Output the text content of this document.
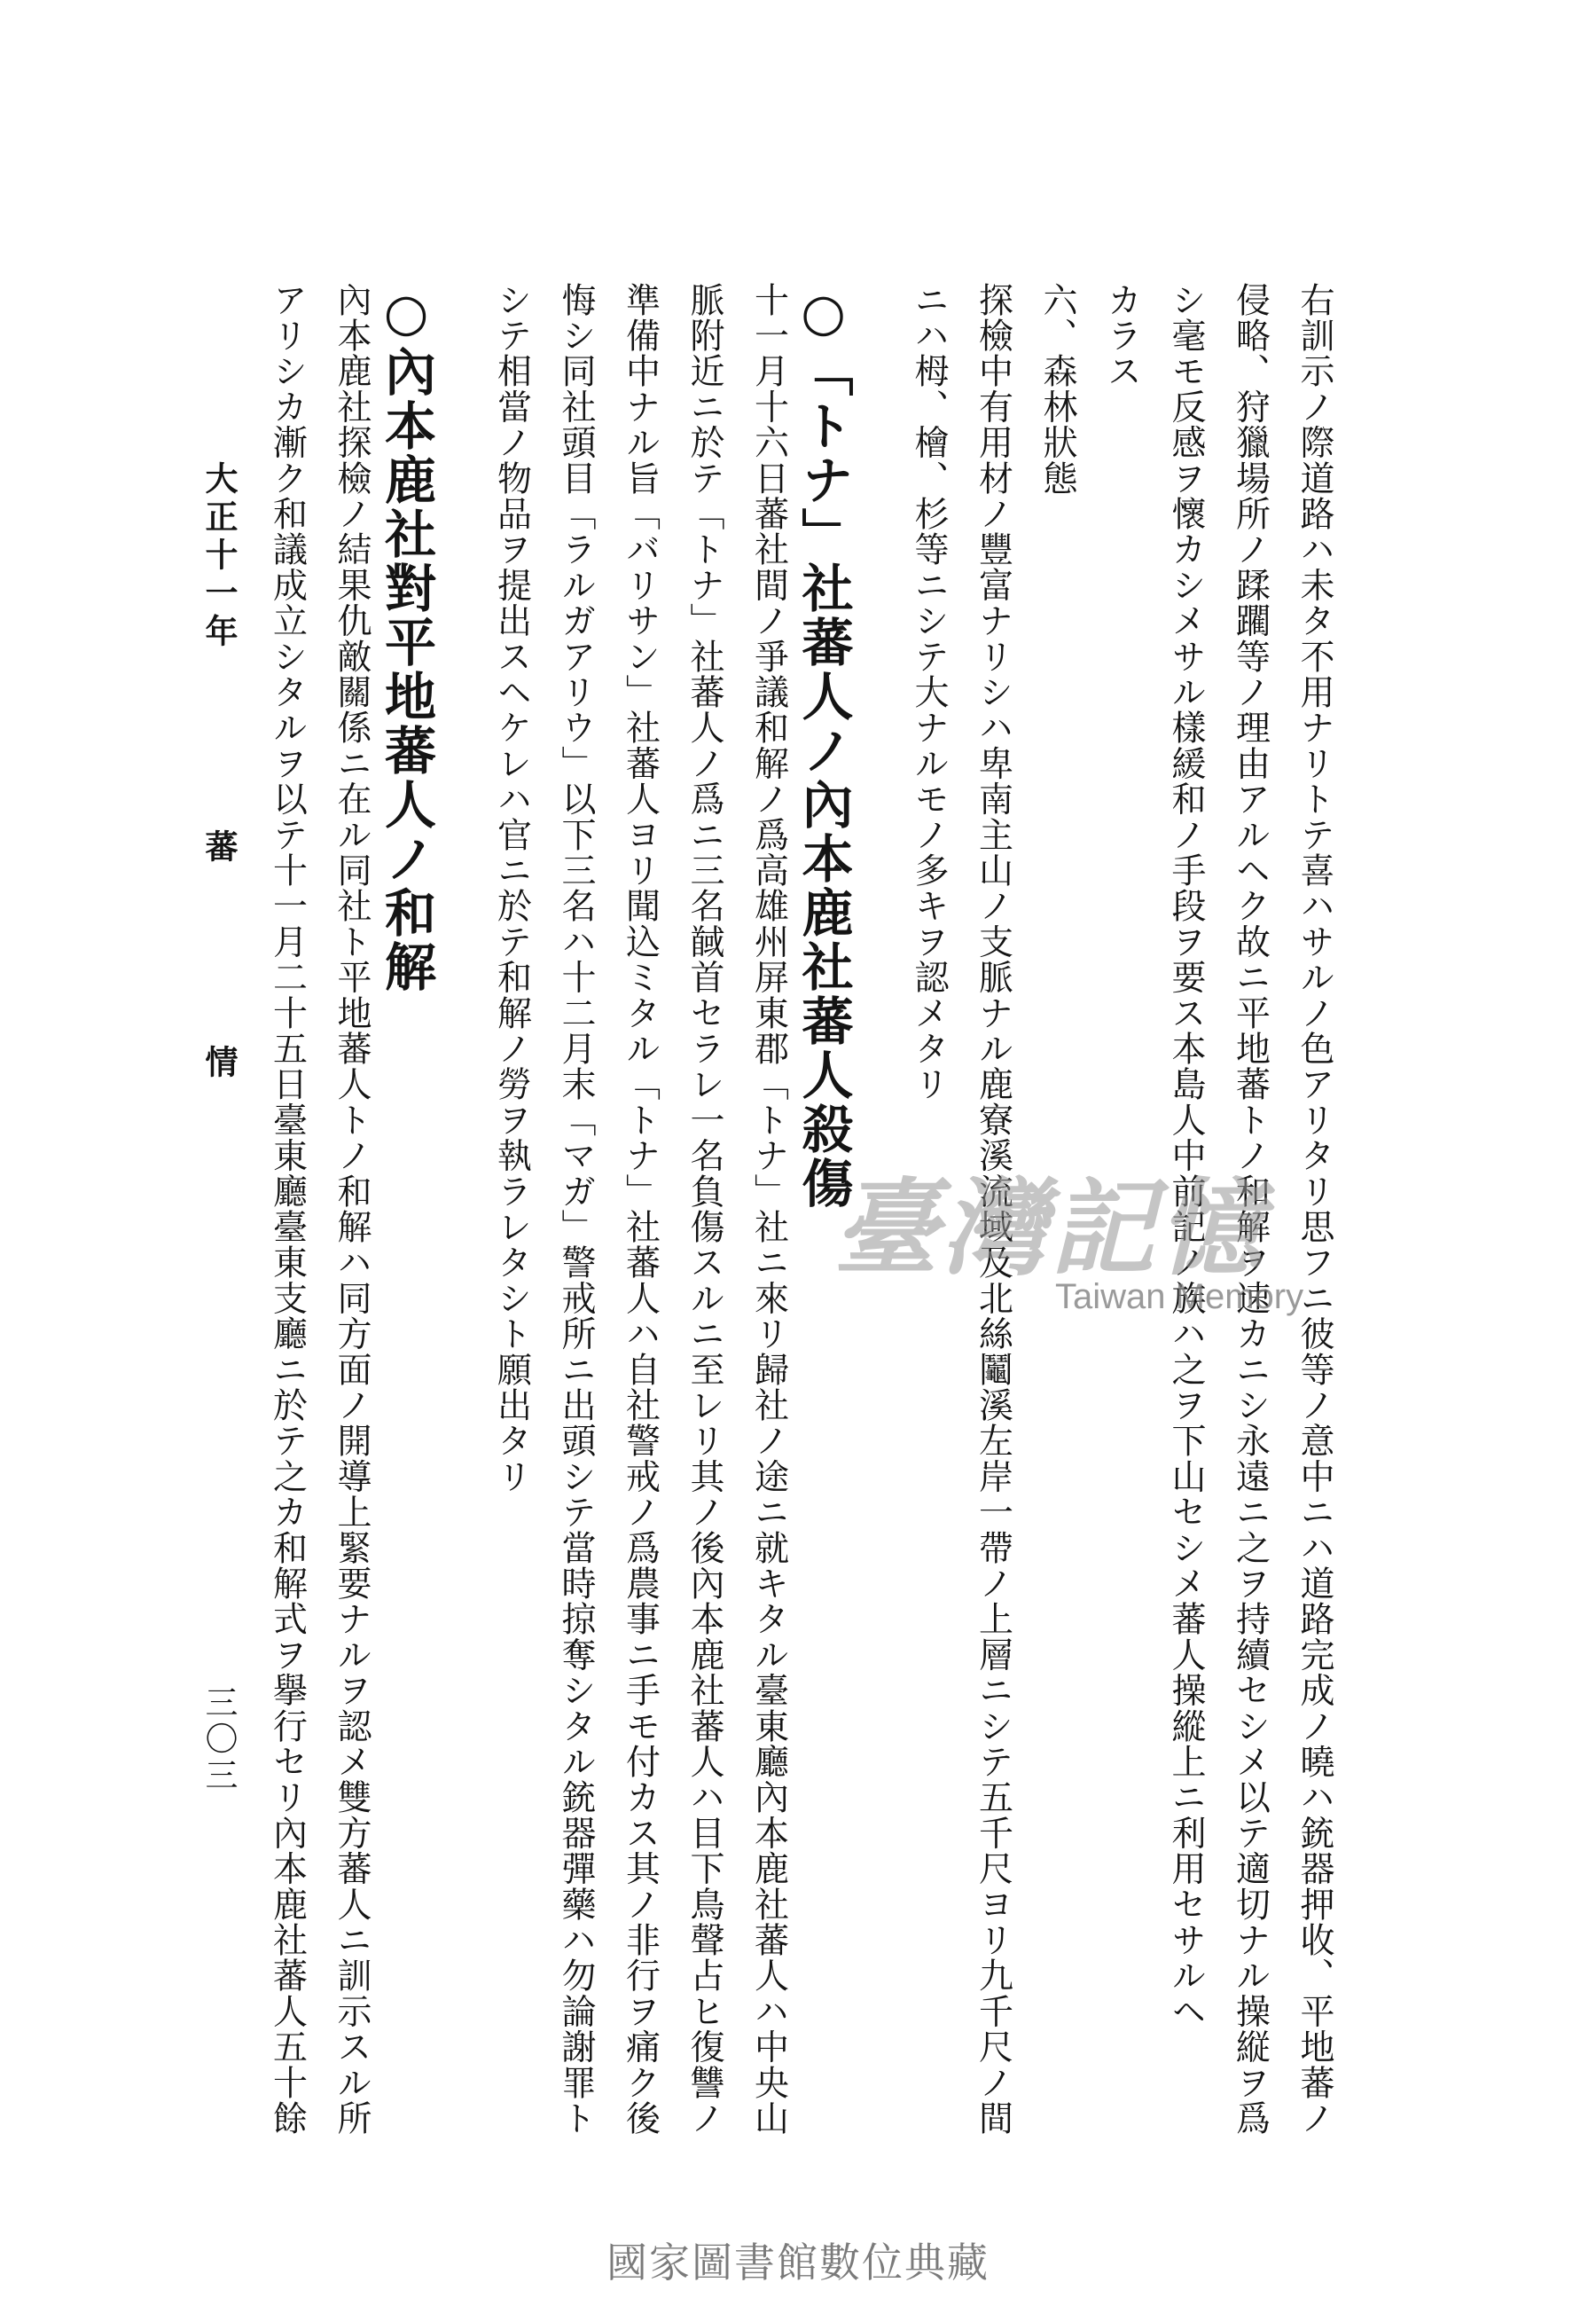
右訓示ノ際道路ハ未タ不用ナリトテ喜ハサルノ色アリタリ思フニ彼等ノ意中ニハ道路完成ノ曉ハ銃器押收、平地蕃ノ
侵略、狩獵場所ノ蹂躙等ノ理由アルヘク故ニ平地蕃トノ和解ヲ速カニシ永遠ニ之ヲ持續セシメ以テ適切ナル操縦ヲ爲
シ毫モ反感ヲ懷カシメサル樣緩和ノ手段ヲ要ス本島人中前記ノ族ハ之ヲ下山セシメ蕃人操縱上ニ利用セサルヘ
カラス
六、森林狀態
探檢中有用材ノ豐富ナリシハ卑南主山ノ支脈ナル鹿寮溪流域及北絲鬮溪左岸一帶ノ上層ニシテ五千尺ヨリ九千尺ノ間
ニハ栂、檜、杉等ニシテ大ナルモノ多キヲ認メタリ
○「トナ」社蕃人ノ內本鹿社蕃人殺傷
十一月十六日蕃社間ノ爭議和解ノ爲高雄州屏東郡「トナ」社ニ來リ歸社ノ途ニ就キタル臺東廳內本鹿社蕃人ハ中央山
脈附近ニ於テ「トナ」社蕃人ノ爲ニ三名馘首セラレ一名負傷スルニ至レリ其ノ後內本鹿社蕃人ハ目下鳥聲占ヒ復讐ノ
準備中ナル旨「バリサン」社蕃人ヨリ聞込ミタル「トナ」社蕃人ハ自社警戒ノ爲農事ニ手モ付カス其ノ非行ヲ痛ク後
悔シ同社頭目「ラルガアリウ」以下三名ハ十二月末「マガ」警戒所ニ出頭シテ當時掠奪シタル銃器彈藥ハ勿論謝罪ト
シテ相當ノ物品ヲ提出スヘケレハ官ニ於テ和解ノ勞ヲ執ラレタシト願出タリ
○內本鹿社對平地蕃人ノ和解
內本鹿社探檢ノ結果仇敵關係ニ在ル同社ト平地蕃人トノ和解ハ同方面ノ開導上緊要ナルヲ認メ雙方蕃人ニ訓示スル所
アリシカ漸ク和議成立シタルヲ以テ十一月二十五日臺東廳臺東支廳ニ於テ之カ和解式ヲ擧行セリ內本鹿社蕃人五十餘
大正十一年蕃情
三〇三
臺灣記憶
Taiwan Memory
國家圖書館數位典藏
